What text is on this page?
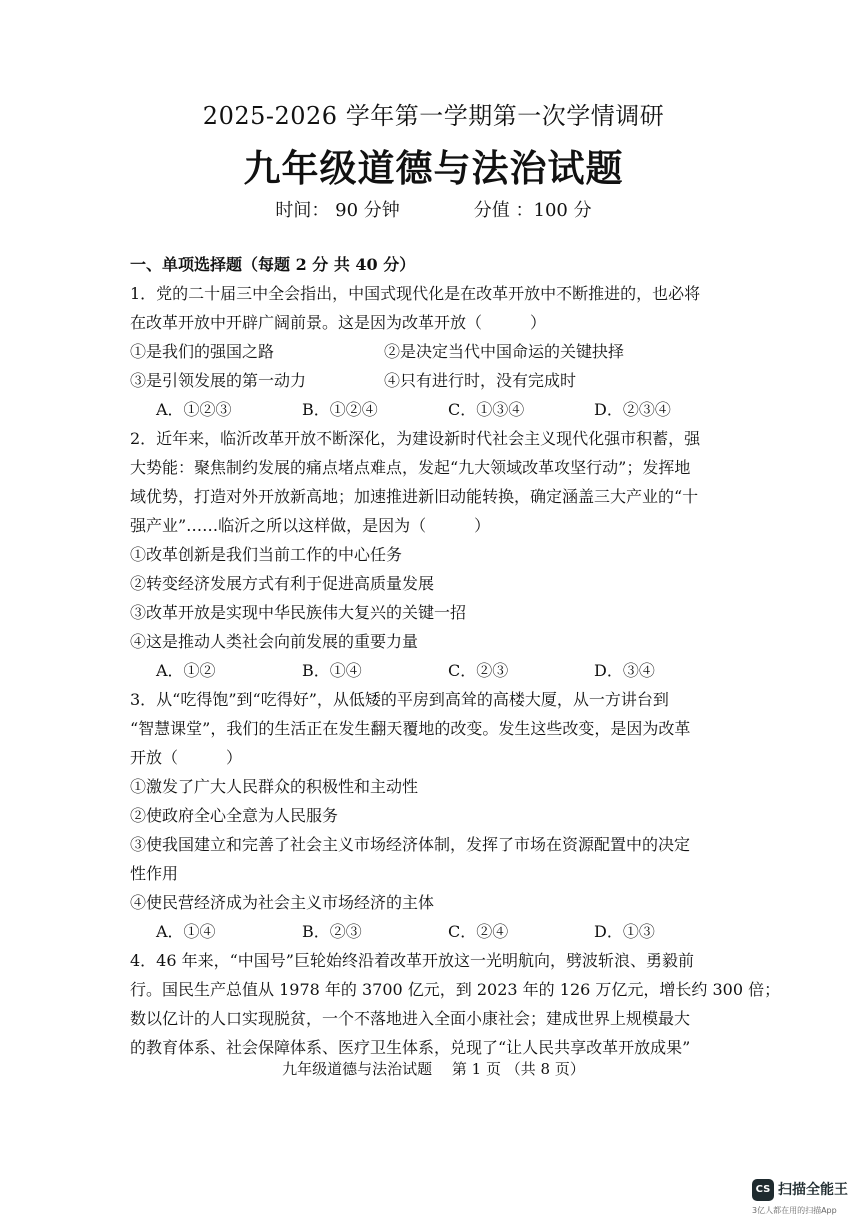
2025-2026 学年第一学期第一次学情调研
九年级道德与法治试题
时间： 90 分钟	分值 ：100 分
一、单项选择题（每题 2 分 共 40 分）
1．党的二十届三中全会指出，中国式现代化是在改革开放中不断推进的，也必将
在改革开放中开辟广阔前景。这是因为改革开放（　　　）
①是我们的强国之路	②是决定当代中国命运的关键抉择
③是引领发展的第一动力	④只有进行时，没有完成时
A．①②③	B．①②④	C．①③④	D．②③④
2．近年来，临沂改革开放不断深化，为建设新时代社会主义现代化强市积蓄，强
大势能：聚焦制约发展的痛点堵点难点，发起“九大领域改革攻坚行动”；发挥地
域优势，打造对外开放新高地；加速推进新旧动能转换，确定涵盖三大产业的“十
强产业”……临沂之所以这样做，是因为（　　　）
①改革创新是我们当前工作的中心任务
②转变经济发展方式有利于促进高质量发展
③改革开放是实现中华民族伟大复兴的关键一招
④这是推动人类社会向前发展的重要力量
A．①②	B．①④	C．②③	D．③④
3．从“吃得饱”到“吃得好”，从低矮的平房到高耸的高楼大厦，从一方讲台到
“智慧课堂”，我们的生活正在发生翻天覆地的改变。发生这些改变，是因为改革
开放（　　　）
①激发了广大人民群众的积极性和主动性
②使政府全心全意为人民服务
③使我国建立和完善了社会主义市场经济体制，发挥了市场在资源配置中的决定
性作用
④使民营经济成为社会主义市场经济的主体
A．①④	B．②③	C．②④	D．①③
4．46 年来，“中国号”巨轮始终沿着改革开放这一光明航向，劈波斩浪、勇毅前
行。国民生产总值从 1978 年的 3700 亿元，到 2023 年的 126 万亿元，增长约 300 倍；
数以亿计的人口实现脱贫，一个不落地进入全面小康社会；建成世界上规模最大
的教育体系、社会保障体系、医疗卫生体系，兑现了“让人民共享改革开放成果”
九年级道德与法治试题　 第 1 页 （共 8 页）
CS 扫描全能王
3亿人都在用的扫描App
